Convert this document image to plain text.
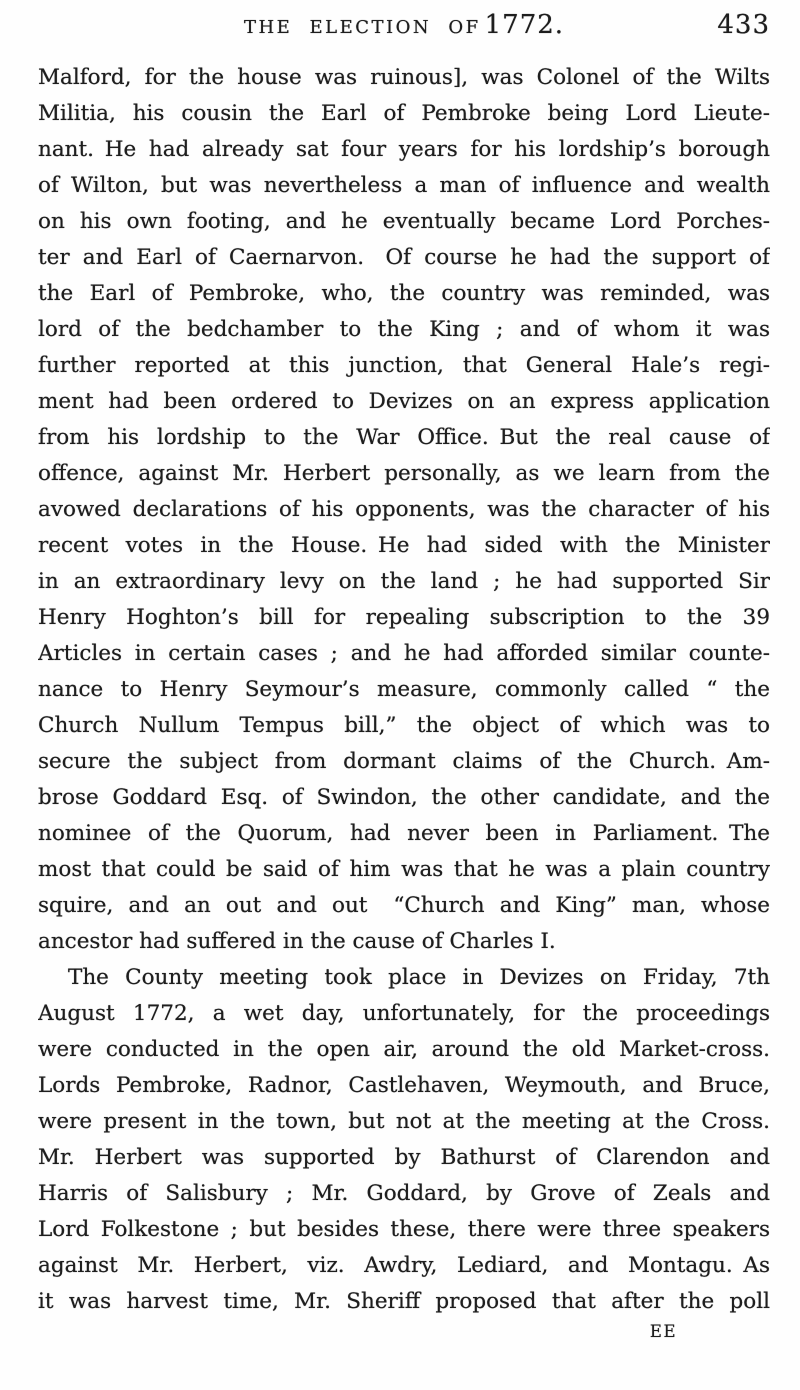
THE ELECTION OF 1772.	433
Malford, for the house was ruinous], was Colonel of the Wilts
Militia, his cousin the Earl of Pembroke being Lord Lieute-
nant. He had already sat four years for his lordship’s borough
of Wilton, but was nevertheless a man of influence and wealth
on his own footing, and he eventually became Lord Porches-
ter and Earl of Caernarvon. Of course he had the support of
the Earl of Pembroke, who, the country was reminded, was
lord of the bedchamber to the King ; and of whom it was
further reported at this junction, that General Hale’s regi-
ment had been ordered to Devizes on an express application
from his lordship to the War Office. But the real cause of
offence, against Mr. Herbert personally, as we learn from the
avowed declarations of his opponents, was the character of his
recent votes in the House. He had sided with the Minister
in an extraordinary levy on the land ; he had supported Sir
Henry Hoghton’s bill for repealing subscription to the 39
Articles in certain cases ; and he had afforded similar counte-
nance to Henry Seymour’s measure, commonly called “ the
Church Nullum Tempus bill,” the object of which was to
secure the subject from dormant claims of the Church. Am-
brose Goddard Esq. of Swindon, the other candidate, and the
nominee of the Quorum, had never been in Parliament. The
most that could be said of him was that he was a plain country
squire, and an out and out  “Church and King” man, whose
ancestor had suffered in the cause of Charles I.
The County meeting took place in Devizes on Friday, 7th
August 1772, a wet day, unfortunately, for the proceedings
were conducted in the open air, around the old Market-cross.
Lords Pembroke, Radnor, Castlehaven, Weymouth, and Bruce,
were present in the town, but not at the meeting at the Cross.
Mr. Herbert was supported by Bathurst of Clarendon and
Harris of Salisbury ; Mr. Goddard, by Grove of Zeals and
Lord Folkestone ; but besides these, there were three speakers
against Mr. Herbert, viz. Awdry, Lediard, and Montagu. As
it was harvest time, Mr. Sheriff proposed that after the poll
EE
